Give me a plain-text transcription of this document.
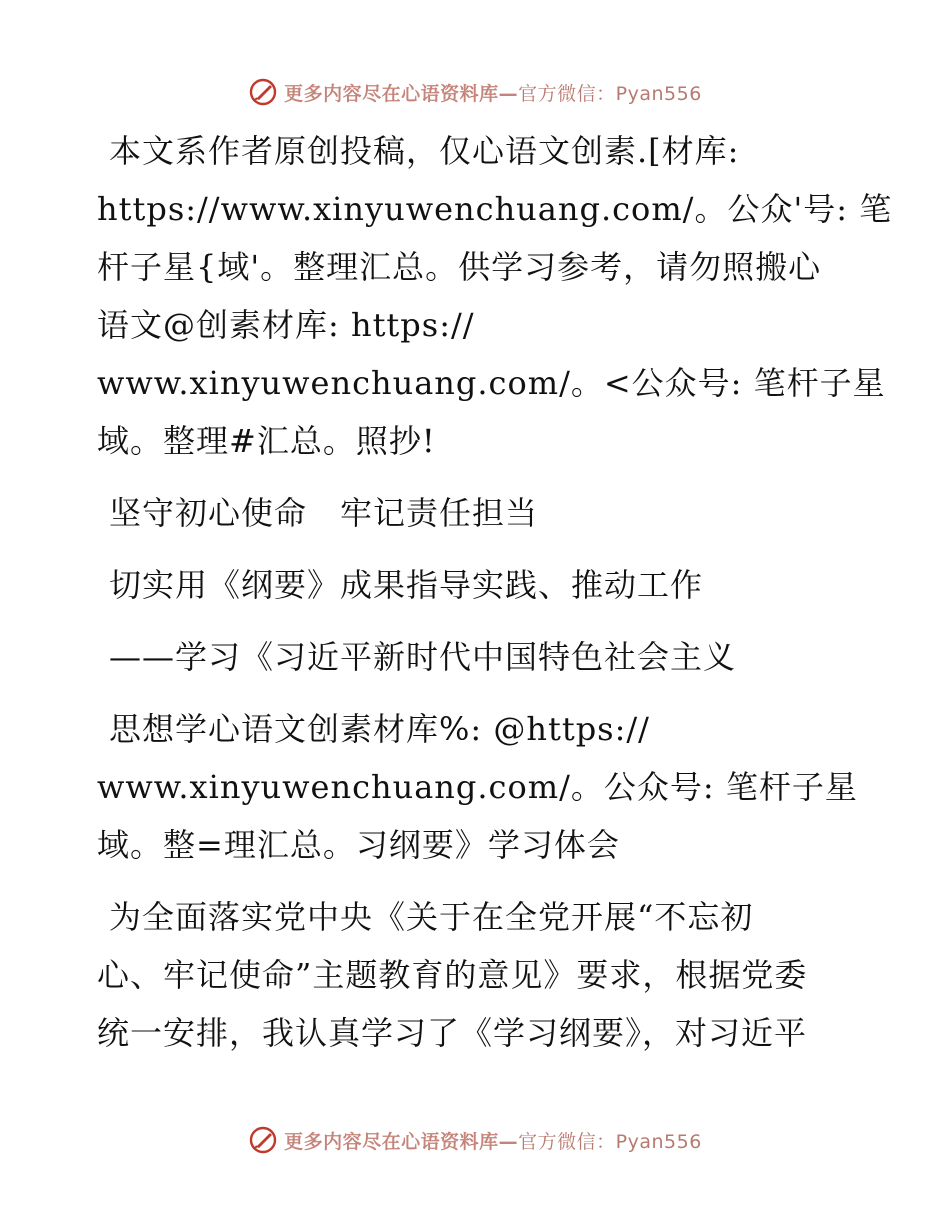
更多内容尽在心语资料库—官方微信：Pyan556
本文系作者原创投稿，仅心语文创素.[材库:
https://www.xinyuwenchuang.com/。公众'号: 笔
杆子星{域'。整理汇总。供学习参考，请勿照搬心
语文@创素材库: https://
www.xinyuwenchuang.com/。<公众号: 笔杆子星
域。整理#汇总。照抄!
坚守初心使命　牢记责任担当
切实用《纲要》成果指导实践、推动工作
——学习《习近平新时代中国特色社会主义
思想学心语文创素材库%: @https://
www.xinyuwenchuang.com/。公众号: 笔杆子星
域。整=理汇总。习纲要》学习体会
为全面落实党中央《关于在全党开展“不忘初
心、牢记使命”主题教育的意见》要求，根据党委
统一安排，我认真学习了《学习纲要》，对习近平
更多内容尽在心语资料库—官方微信：Pyan556
